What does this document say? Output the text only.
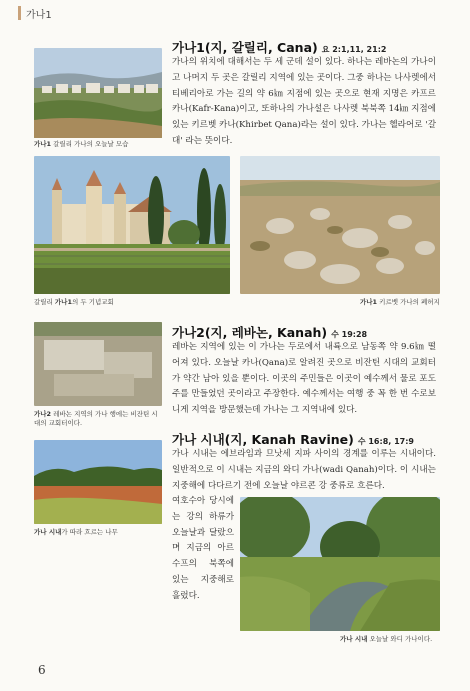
가나1
가나1 갈릴리 가나의 오늘날 모습
가나1(지, 갈릴리, Cana) 요 2:1,11, 21:2
가나의 위치에 대해서는 두 세 군데 설이 있다. 하나는 레바논의 가나이고 나머지 두 곳은 갈릴리 지역에 있는 곳이다. 그중 하나는 나사렛에서 티베리아로 가는 길의 약 6㎞ 지점에 있는 곳으로 현재 지명은 카프르 카나(Kafr-Kana)이고, 또하나의 가나설은 나사렛 북북쪽 14㎞ 지점에 있는 키르벳 카나(Khirbet Qana)라는 설이 있다. 가나는 헬라어로 '갈대' 라는 뜻이다.
갈릴리 가나1의 두 기념교회	가나1 키르벳 가나의 폐허지
가나2 레바논 지역의 가나 행에는 비잔틴 시대의 교회터이다.
가나2(지, 레바논, Kanah) 수 19:28
레바논 지역에 있는 이 가나는 두로에서 내륙으로 남동쪽 약 9.6㎞ 떨어져 있다. 오늘날 카나(Qana)로 알려진 곳으로 비잔틴 시대의 교회터가 약간 남아 있을 뿐이다. 이곳의 주민들은 이곳이 예수께서 물로 포도주를 만들었던 곳이라고 주장한다. 예수께서는 여행 중 꼭 한 번 수로보니게 지역을 방문했는데 가나는 그 지역내에 있다.
가나 시내가 따라 흐르는 나무
가나 시내(지, Kanah Ravine) 수 16:8, 17:9
가나 시내는 에브라임과 므낫세 지파 사이의 경계를 이루는 시내이다. 일반적으로 이 시내는 지금의 와디 가나(wadi Qanah)이다. 이 시내는 지중해에 다다르기 전에 오늘날 야르콘 강 중류로 흐른다.
여호수아 당시에는 강의 하류가 오늘날과 달랐으며 지금의 아르수프의 북쪽에 있는 지중해로 흘렀다.
가나 시내 오늘날 와디 가나이다.
6
